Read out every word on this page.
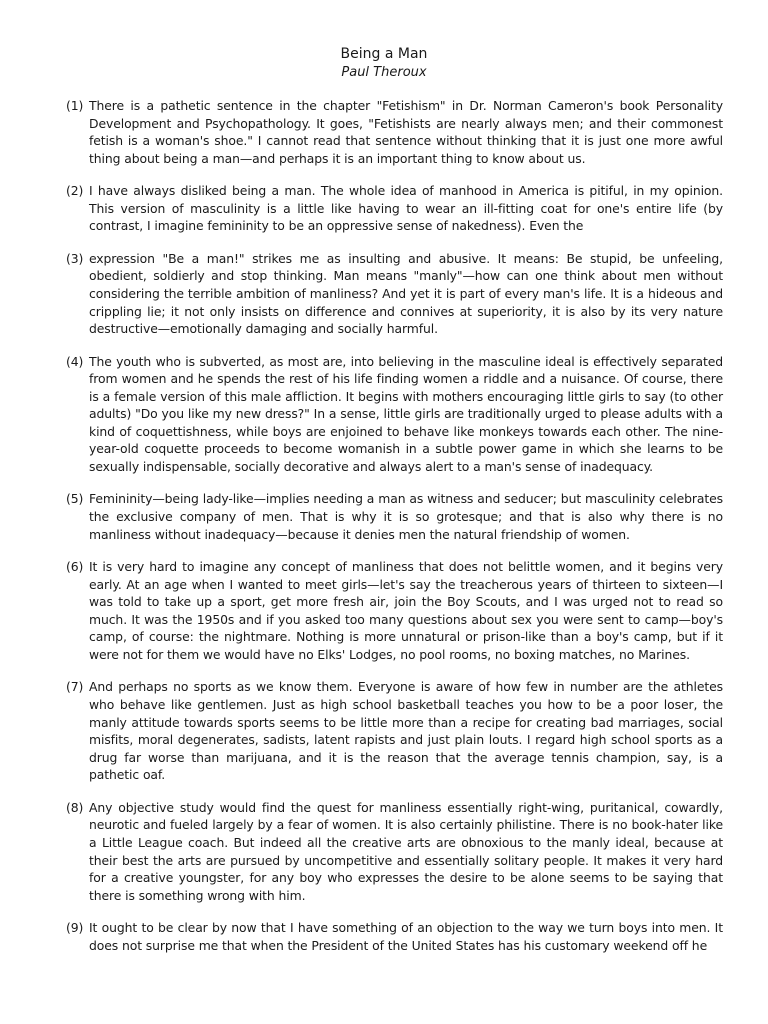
Being a Man
Paul Theroux

(1) There is a pathetic sentence in the chapter "Fetishism" in Dr. Norman Cameron's book Personality Development and Psychopathology. It goes, "Fetishists are nearly always men; and their commonest fetish is a woman's shoe." I cannot read that sentence without thinking that it is just one more awful thing about being a man—and perhaps it is an important thing to know about us.

(2) I have always disliked being a man. The whole idea of manhood in America is pitiful, in my opinion. This version of masculinity is a little like having to wear an ill-fitting coat for one's entire life (by contrast, I imagine femininity to be an oppressive sense of nakedness). Even the

(3) expression "Be a man!" strikes me as insulting and abusive. It means: Be stupid, be unfeeling, obedient, soldierly and stop thinking. Man means "manly"—how can one think about men without considering the terrible ambition of manliness? And yet it is part of every man's life. It is a hideous and crippling lie; it not only insists on difference and connives at superiority, it is also by its very nature destructive—emotionally damaging and socially harmful.

(4) The youth who is subverted, as most are, into believing in the masculine ideal is effectively separated from women and he spends the rest of his life finding women a riddle and a nuisance. Of course, there is a female version of this male affliction. It begins with mothers encouraging little girls to say (to other adults) "Do you like my new dress?" In a sense, little girls are traditionally urged to please adults with a kind of coquettishness, while boys are enjoined to behave like monkeys towards each other. The nine-year-old coquette proceeds to become womanish in a subtle power game in which she learns to be sexually indispensable, socially decorative and always alert to a man's sense of inadequacy.

(5) Femininity—being lady-like—implies needing a man as witness and seducer; but masculinity celebrates the exclusive company of men. That is why it is so grotesque; and that is also why there is no manliness without inadequacy—because it denies men the natural friendship of women.

(6) It is very hard to imagine any concept of manliness that does not belittle women, and it begins very early. At an age when I wanted to meet girls—let's say the treacherous years of thirteen to sixteen—I was told to take up a sport, get more fresh air, join the Boy Scouts, and I was urged not to read so much. It was the 1950s and if you asked too many questions about sex you were sent to camp—boy's camp, of course: the nightmare. Nothing is more unnatural or prison-like than a boy's camp, but if it were not for them we would have no Elks' Lodges, no pool rooms, no boxing matches, no Marines.

(7) And perhaps no sports as we know them. Everyone is aware of how few in number are the athletes who behave like gentlemen. Just as high school basketball teaches you how to be a poor loser, the manly attitude towards sports seems to be little more than a recipe for creating bad marriages, social misfits, moral degenerates, sadists, latent rapists and just plain louts. I regard high school sports as a drug far worse than marijuana, and it is the reason that the average tennis champion, say, is a pathetic oaf.

(8) Any objective study would find the quest for manliness essentially right-wing, puritanical, cowardly, neurotic and fueled largely by a fear of women. It is also certainly philistine. There is no book-hater like a Little League coach. But indeed all the creative arts are obnoxious to the manly ideal, because at their best the arts are pursued by uncompetitive and essentially solitary people. It makes it very hard for a creative youngster, for any boy who expresses the desire to be alone seems to be saying that there is something wrong with him.

(9) It ought to be clear by now that I have something of an objection to the way we turn boys into men. It does not surprise me that when the President of the United States has his customary weekend off he
